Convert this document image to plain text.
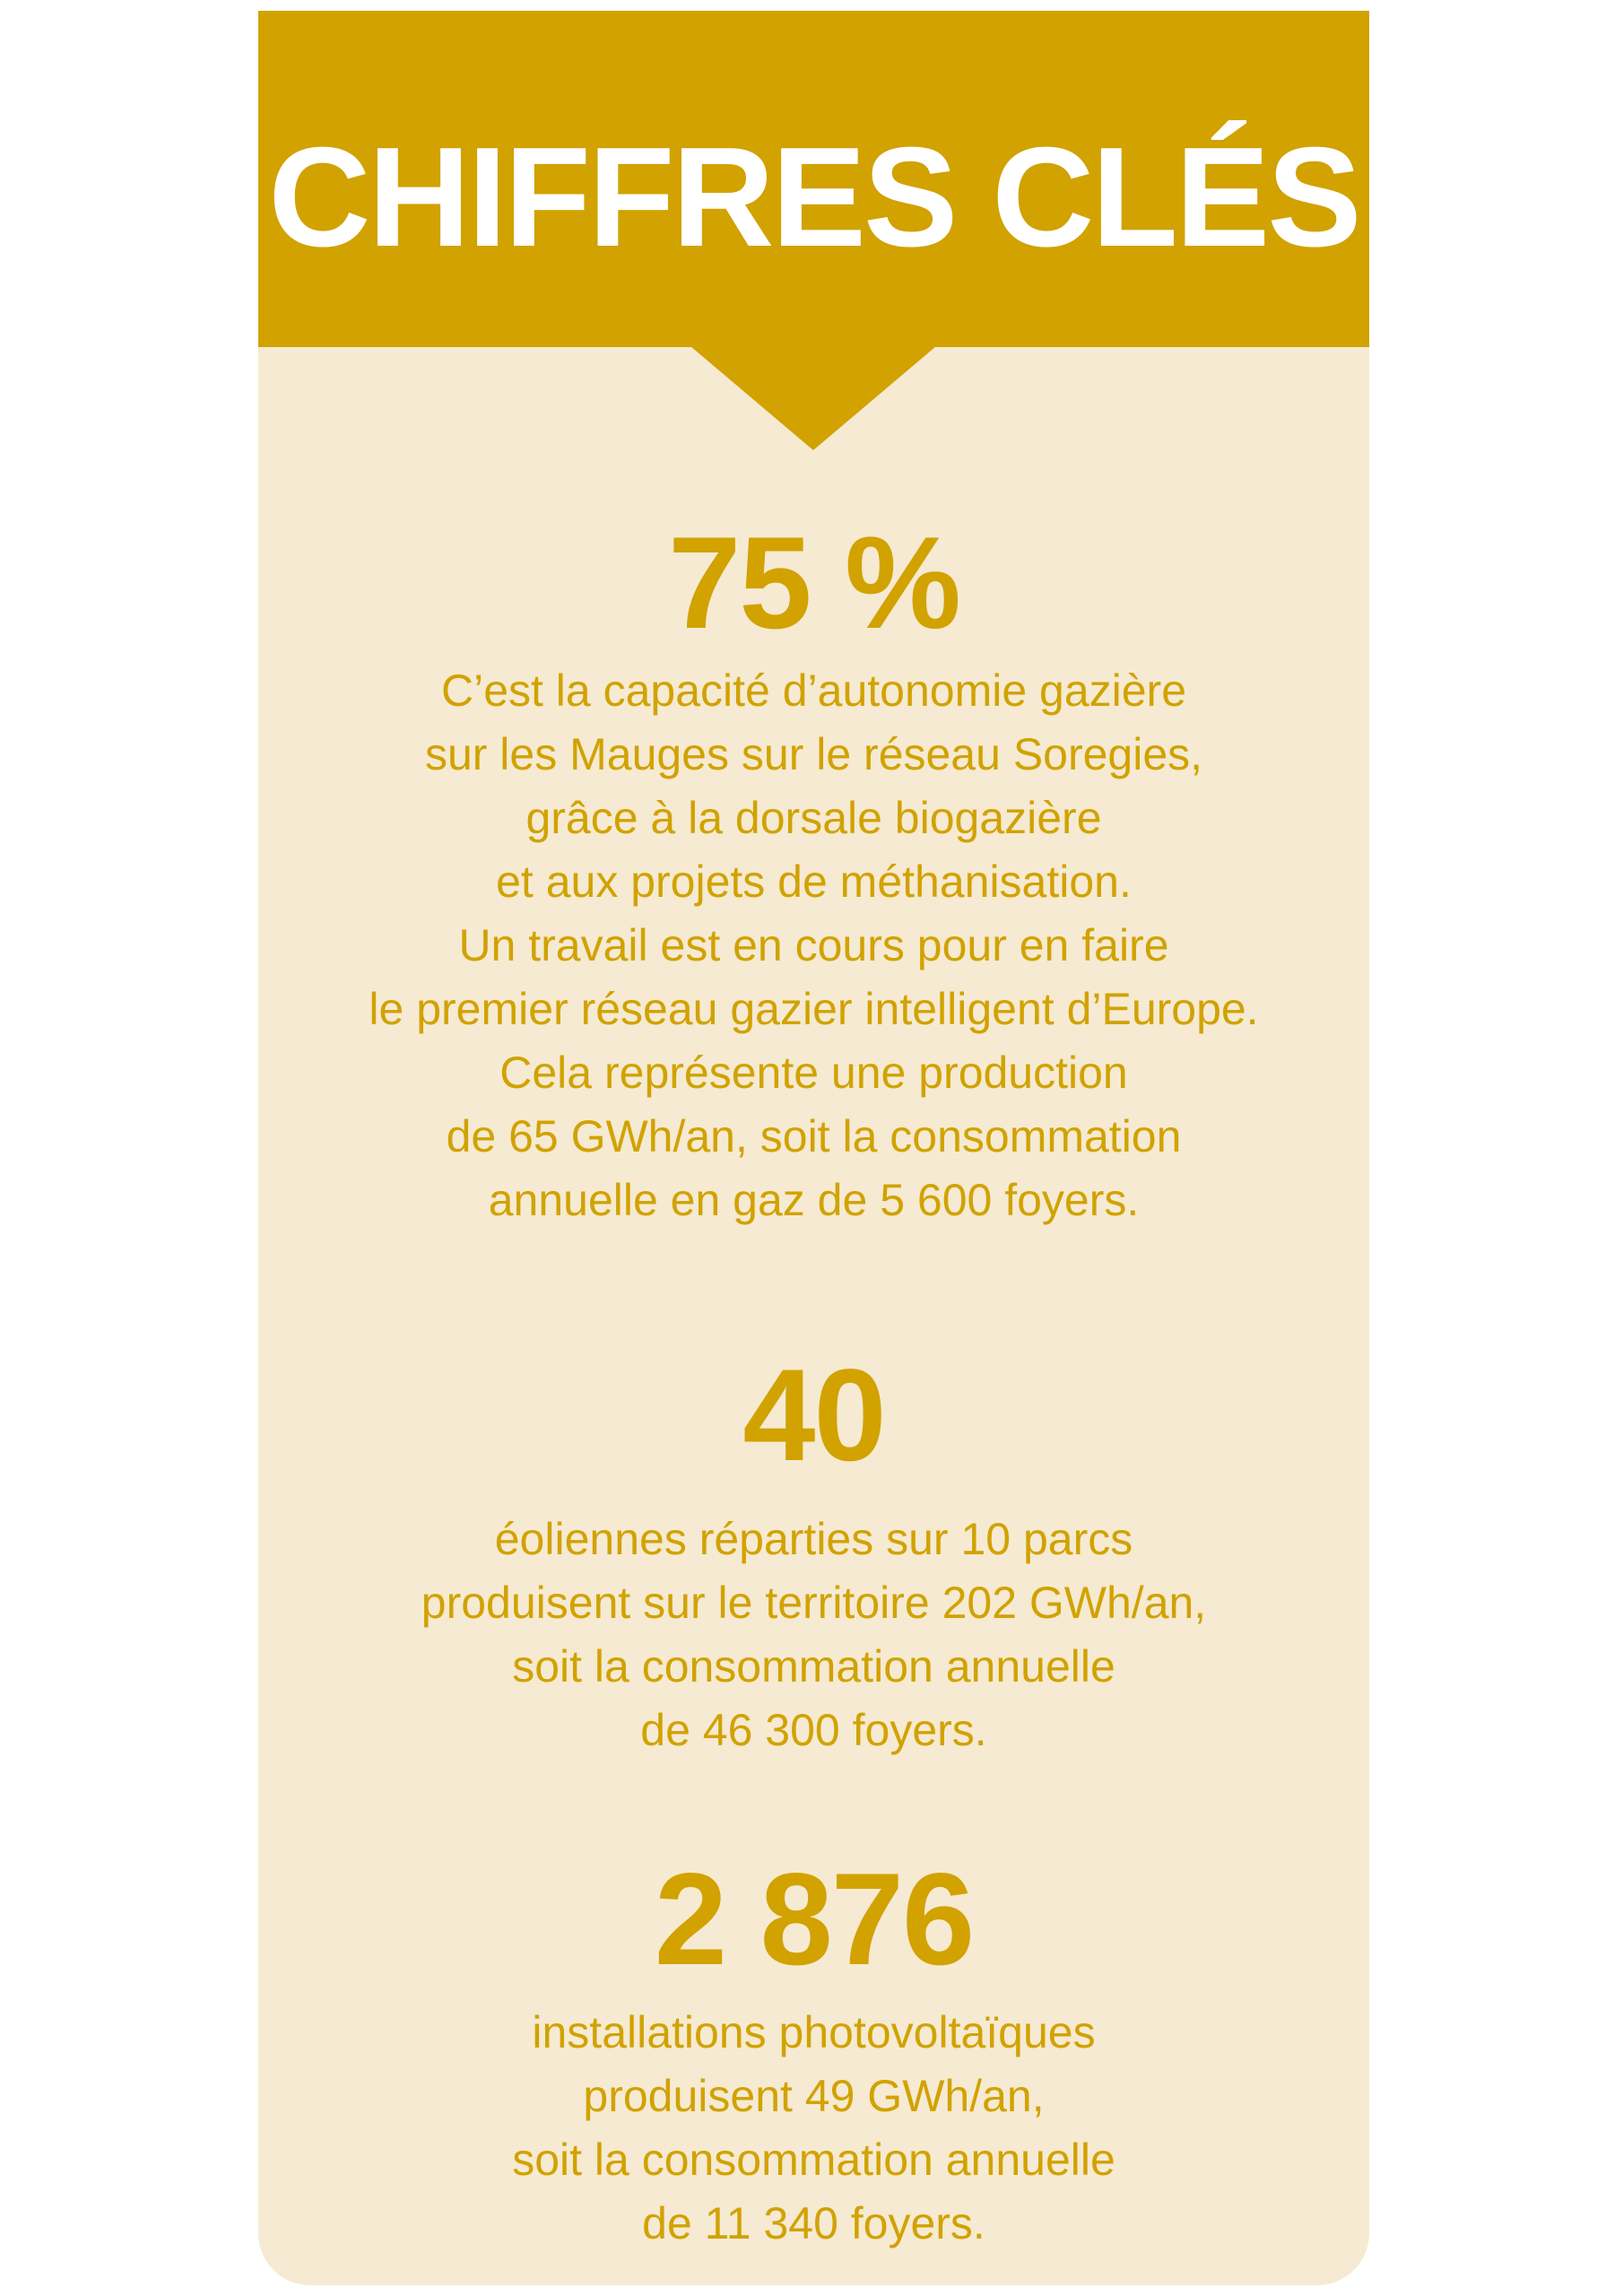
CHIFFRES CLÉS
75 %
C’est la capacité d’autonomie gazière
sur les Mauges sur le réseau Soregies,
grâce à la dorsale biogazière
et aux projets de méthanisation.
Un travail est en cours pour en faire
le premier réseau gazier intelligent d’Europe.
Cela représente une production
de 65 GWh/an, soit la consommation
annuelle en gaz de 5 600 foyers.
40
éoliennes réparties sur 10 parcs
produisent sur le territoire 202 GWh/an,
soit la consommation annuelle
de 46 300 foyers.
2 876
installations photovoltaïques
produisent 49 GWh/an,
soit la consommation annuelle
de 11 340 foyers.
